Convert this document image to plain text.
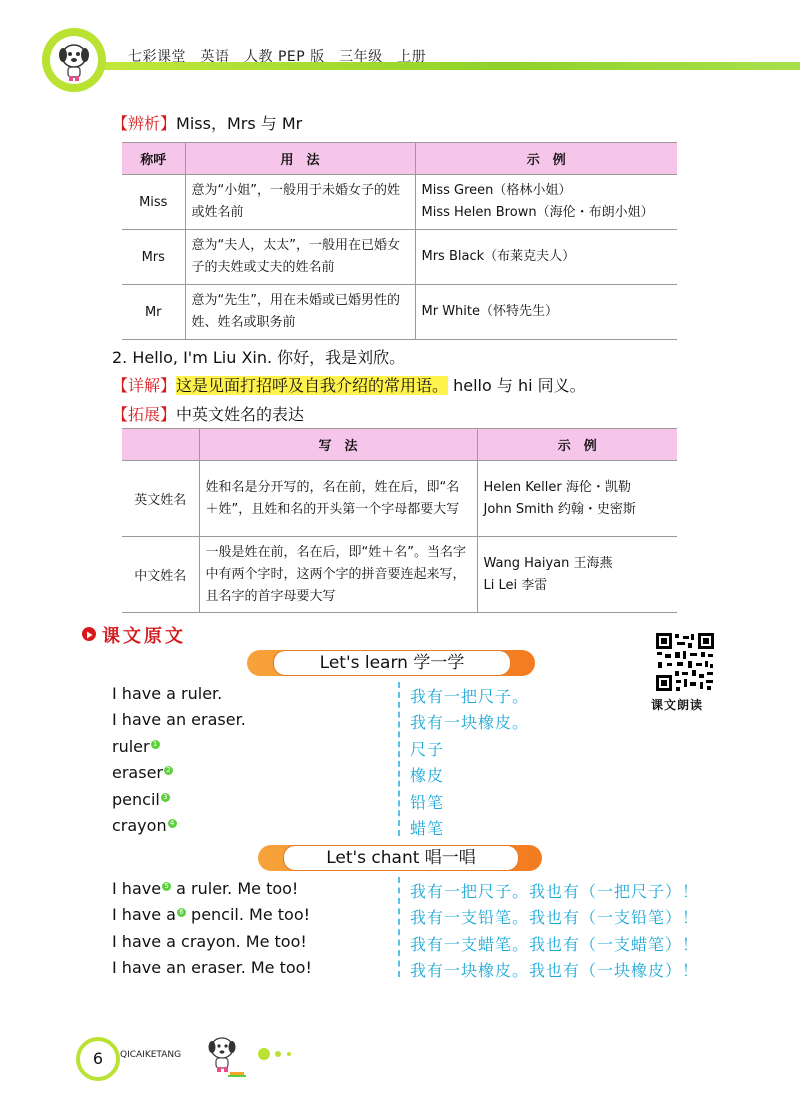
七彩课堂　英语　人教 PEP 版　三年级　上册
【辨析】Miss，Mrs 与 Mr
称呼	用　法	示　例
Miss	意为“小姐”，一般用于未婚女子的姓或姓名前	Miss Green（格林小姐）
Miss Helen Brown（海伦・布朗小姐）

Mrs	意为“夫人，太太”，一般用在已婚女子的夫姓或丈夫的姓名前	Mrs Black（布莱克夫人）

Mr	意为“先生”，用在未婚或已婚男性的姓、姓名或职务前	Mr White（怀特先生）
2. Hello, I'm Liu Xin. 你好，我是刘欣。
【详解】这是见面打招呼及自我介绍的常用语。 hello 与 hi 同义。
【拓展】中英文姓名的表达
	写　法	示　例
英文姓名	姓和名是分开写的，名在前，姓在后，即“名＋姓”，且姓和名的开头第一个字母都要大写	Helen Keller 海伦・凯勒
John Smith 约翰・史密斯

中文姓名	一般是姓在前，名在后，即“姓＋名”。当名字中有两个字时，这两个字的拼音要连起来写，且名字的首字母要大写	Wang Haiyan 王海燕
Li Lei 李雷
课文原文
课文朗读
Let's learn 学一学
I have a ruler.	我有一把尺子。
I have an eraser.	我有一块橡皮。
ruler 1	尺子
eraser 2	橡皮
pencil 3	铅笔
crayon 4	蜡笔
Let's chant 唱一唱
I have 5 a ruler. Me too!	我有一把尺子。我也有（一把尺子）！
I have a 6 pencil. Me too!	我有一支铅笔。我也有（一支铅笔）！
I have a crayon. Me too!	我有一支蜡笔。我也有（一支蜡笔）！
I have an eraser. Me too!	我有一块橡皮。我也有（一块橡皮）！
6	QICAIKETANG
